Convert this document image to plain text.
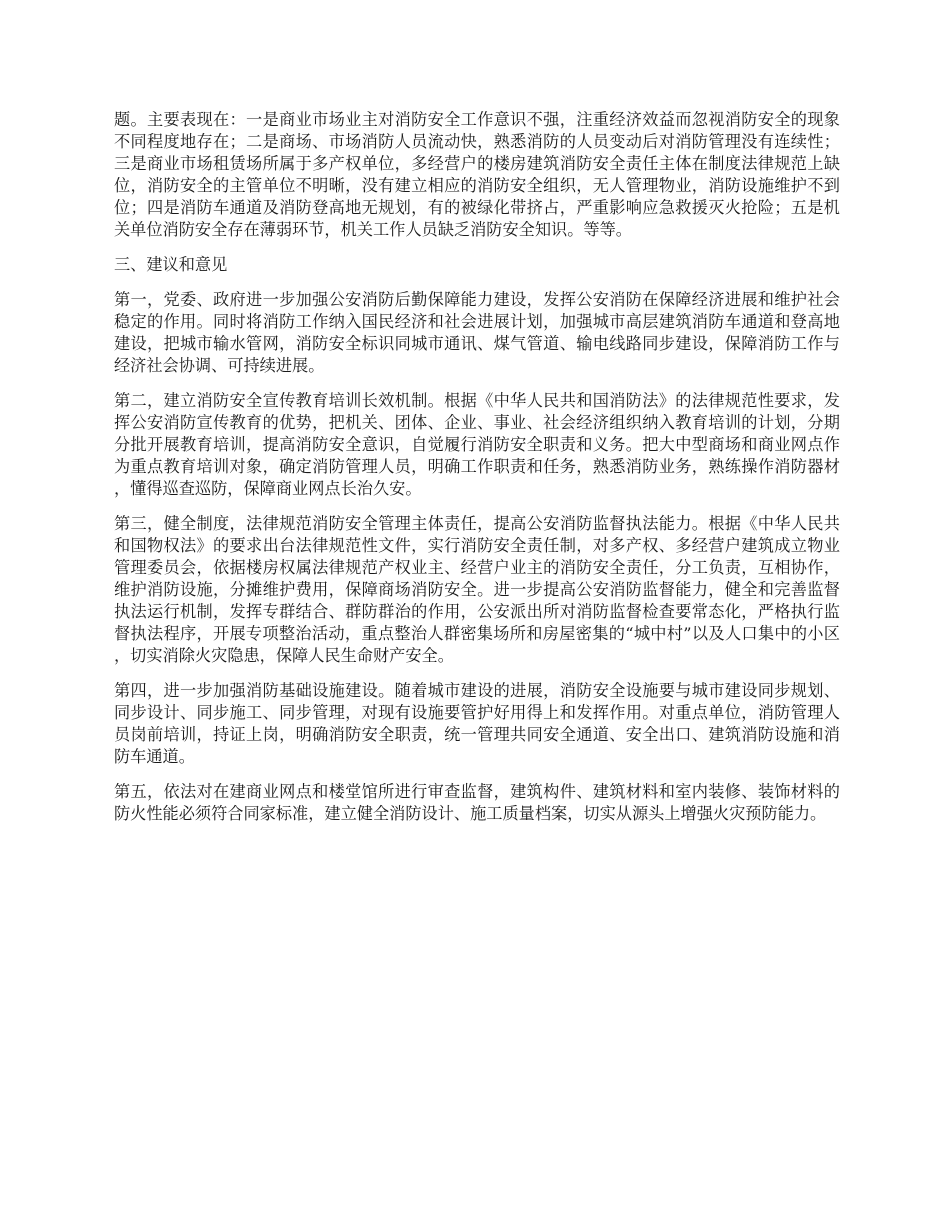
题。主要表现在：一是商业市场业主对消防安全工作意识不强，注重经济效益而忽视消防安全的现象不同程度地存在；二是商场、市场消防人员流动快，熟悉消防的人员变动后对消防管理没有连续性；三是商业市场租赁场所属于多产权单位，多经营户的楼房建筑消防安全责任主体在制度法律规范上缺位，消防安全的主管单位不明晰，没有建立相应的消防安全组织，无人管理物业，消防设施维护不到位；四是消防车通道及消防登高地无规划，有的被绿化带挤占，严重影响应急救援灭火抢险；五是机关单位消防安全存在薄弱环节，机关工作人员缺乏消防安全知识。等等。

三、建议和意见

第一，党委、政府进一步加强公安消防后勤保障能力建设，发挥公安消防在保障经济进展和维护社会稳定的作用。同时将消防工作纳入国民经济和社会进展计划，加强城市高层建筑消防车通道和登高地建设，把城市输水管网，消防安全标识同城市通讯、煤气管道、输电线路同步建设，保障消防工作与经济社会协调、可持续进展。

第二，建立消防安全宣传教育培训长效机制。根据《中华人民共和国消防法》的法律规范性要求，发挥公安消防宣传教育的优势，把机关、团体、企业、事业、社会经济组织纳入教育培训的计划，分期分批开展教育培训，提高消防安全意识，自觉履行消防安全职责和义务。把大中型商场和商业网点作为重点教育培训对象，确定消防管理人员，明确工作职责和任务，熟悉消防业务，熟练操作消防器材，懂得巡查巡防，保障商业网点长治久安。

第三，健全制度，法律规范消防安全管理主体责任，提高公安消防监督执法能力。根据《中华人民共和国物权法》的要求出台法律规范性文件，实行消防安全责任制，对多产权、多经营户建筑成立物业管理委员会，依据楼房权属法律规范产权业主、经营户业主的消防安全责任，分工负责，互相协作，维护消防设施，分摊维护费用，保障商场消防安全。进一步提高公安消防监督能力，健全和完善监督执法运行机制，发挥专群结合、群防群治的作用，公安派出所对消防监督检查要常态化，严格执行监督执法程序，开展专项整治活动，重点整治人群密集场所和房屋密集的“城中村”以及人口集中的小区，切实消除火灾隐患，保障人民生命财产安全。

第四，进一步加强消防基础设施建设。随着城市建设的进展，消防安全设施要与城市建设同步规划、同步设计、同步施工、同步管理，对现有设施要管护好用得上和发挥作用。对重点单位，消防管理人员岗前培训，持证上岗，明确消防安全职责，统一管理共同安全通道、安全出口、建筑消防设施和消防车通道。

第五，依法对在建商业网点和楼堂馆所进行审查监督，建筑构件、建筑材料和室内装修、装饰材料的防火性能必须符合同家标准，建立健全消防设计、施工质量档案，切实从源头上增强火灾预防能力。
